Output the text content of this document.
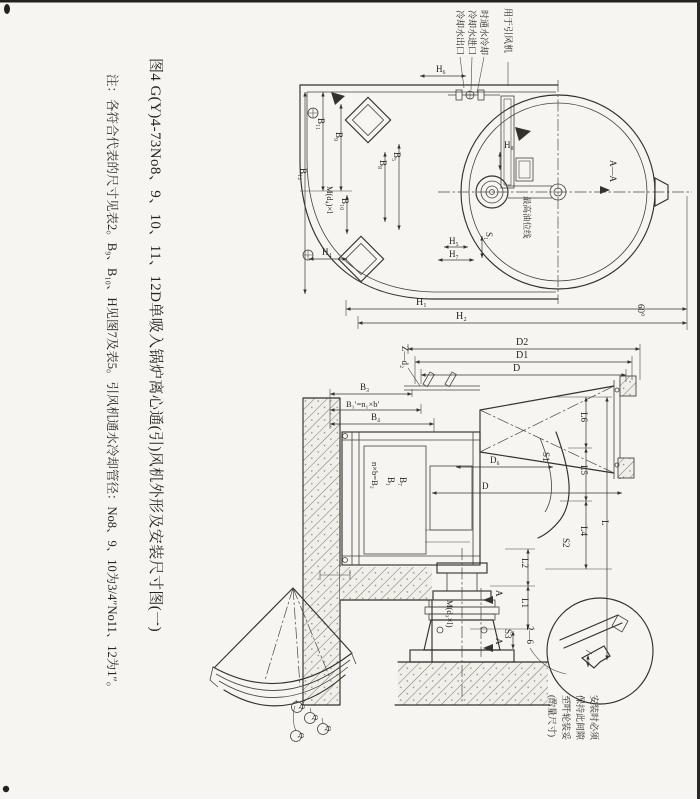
图4 G(Y)4-73No8、9、10、11、12D单吸入锅炉离心通(引)风机外形及安装尺寸图(一)
注：各符合代表的尺寸见表2。B₉、B₁₀、H见图7及表5。引风机通水冷却管径：No8、9、10为3/4″No11、12为1″。
用于引风机
时通水冷却
冷却水进口
冷却水出口
最高油位线
B₁₂
B₁₁
B₉
B₁₀
M(d₄)×l
H₄
B₅
B₈
H₅
H₇
H₈
S₁
H₆
H₁
H₂
A—A
60°
D2
D1
D
Z—d₂
B₃
B₁′=n₁×b′
B₄
n×b=B₂ B₁ B₇
D₆
D
L6
L5
L4
L
S1
S2
L2
L1
S3 2—6
M(d₃×l)
A
A
Q
Q
Q
Q	安装时必须
保持此间隙
至叶轮装妥
(酌量尺寸)
